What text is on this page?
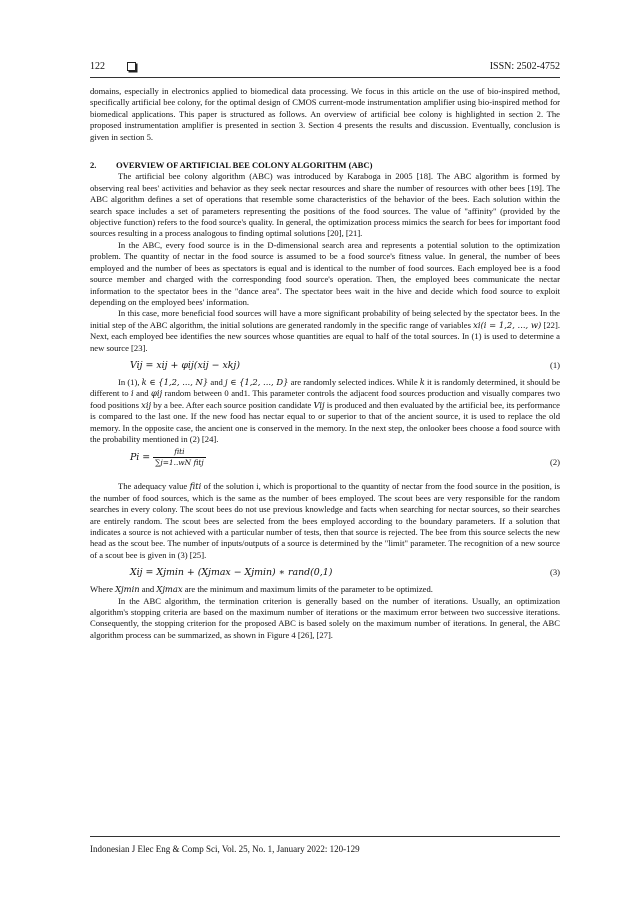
122	ISSN: 2502-4752

domains, especially in electronics applied to biomedical data processing. We focus in this article on the use of bio-inspired method, specifically artificial bee colony, for the optimal design of CMOS current-mode instrumentation amplifier using bio-inspired method for biomedical applications. This paper is structured as follows. An overview of artificial bee colony is highlighted in section 2. The proposed instrumentation amplifier is presented in section 3. Section 4 presents the results and discussion. Eventually, conclusion is given in section 5.

2. OVERVIEW OF ARTIFICIAL BEE COLONY ALGORITHM (ABC)

The artificial bee colony algorithm (ABC) was introduced by Karaboga in 2005 [18]. The ABC algorithm is formed by observing real bees' activities and behavior as they seek nectar resources and share the number of resources with other bees [19]. The ABC algorithm defines a set of operations that resemble some characteristics of the behavior of the bees. Each solution within the search space includes a set of parameters representing the positions of the food sources. The value of "affinity" (provided by the objective function) refers to the food source's quality. In general, the optimization process mimics the search for bees for important food sources resulting in a process analogous to finding optimal solutions [20], [21].

In the ABC, every food source is in the D-dimensional search area and represents a potential solution to the optimization problem. The quantity of nectar in the food source is assumed to be a food source's fitness value. In general, the number of bees employed and the number of bees as spectators is equal and is identical to the number of food sources. Each employed bee is a food source member and charged with the corresponding food source's operation. Then, the employed bees communicate the nectar information to the spectator bees in the "dance area". The spectator bees wait in the hive and decide which food source to exploit depending on the employed bees' information.

In this case, more beneficial food sources will have a more significant probability of being selected by the spectator bees. In the initial step of the ABC algorithm, the initial solutions are generated randomly in the specific range of variables xi(i = 1,2, ..., w) [22]. Next, each employed bee identifies the new sources whose quantities are equal to half of the total sources. In (1) is used to determine a new source [23].

Vij = xij + φij(xij − xkj)	(1)

In (1), k ∈ {1,2, ..., N} and j ∈ {1,2, ..., D} are randomly selected indices. While k it is randomly determined, it should be different to i and φij random between 0 and1. This parameter controls the adjacent food sources production and visually compares two food positions xij by a bee. After each source position candidate Vij is produced and then evaluated by the artificial bee, its performance is compared to the last one. If the new food has nectar equal to or superior to that of the ancient source, it is used to replace the old memory. In the opposite case, the ancient one is conserved in the memory. In the next step, the onlooker bees choose a food source with the probability mentioned in (2) [24].

$Pi = \frac{\text{fiti}}{\text{∑j=1..wN fitj}}$	(2)

The adequacy value fiti of the solution i, which is proportional to the quantity of nectar from the food source in the position, is the number of food sources, which is the same as the number of bees employed. The scout bees are very responsible for the random searches in every colony. The scout bees do not use previous knowledge and facts when searching for nectar sources, so their searches are entirely random. The scout bees are selected from the bees employed according to the boundary parameters. If a solution that indicates a source is not achieved with a particular number of tests, then that source is rejected. The bee from this source selects the new head as the scout bee. The number of inputs/outputs of a source is determined by the "limit" parameter. The recognition of a new source of a scout bee is given in (3) [25].

Xij = Xjmin + (Xjmax − Xjmin) ∗ rand(0,1)	(3)

Where Xjmin and Xjmax are the minimum and maximum limits of the parameter to be optimized.

In the ABC algorithm, the termination criterion is generally based on the number of iterations. Usually, an optimization algorithm's stopping criteria are based on the maximum number of iterations or the maximum error between two successive iterations. Consequently, the stopping criterion for the proposed ABC is based solely on the maximum number of iterations. In general, the ABC algorithm process can be summarized, as shown in Figure 4 [26], [27].

Indonesian J Elec Eng & Comp Sci, Vol. 25, No. 1, January 2022: 120-129
